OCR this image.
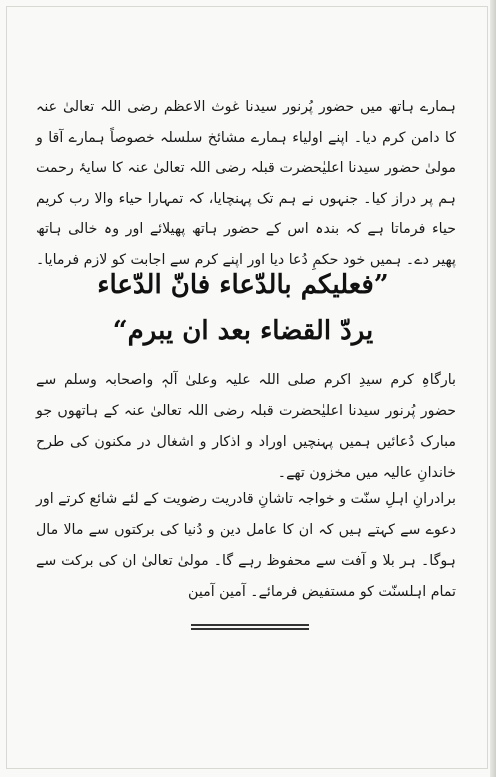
ہمارے ہاتھ میں حضور پُرنور سیدنا غوث الاعظم رضی اللہ تعالیٰ عنہ کا دامن کرم دیا۔ اپنے اولیاء ہمارے مشائخ سلسلہ خصوصاً ہمارے آقا و مولیٰ حضور سیدنا اعلیٰحضرت قبلہ رضی اللہ تعالیٰ عنہ کا سایۂ رحمت ہم پر دراز کیا۔ جنہوں نے ہم تک پہنچایا، کہ تمہارا حیاء والا رب کریم حیاء فرماتا ہے کہ بندہ اس کے حضور ہاتھ پھیلائے اور وہ خالی ہاتھ پھیر دے۔ ہمیں خود حکمِ دُعا دیا اور اپنے کرم سے اجابت کو لازم فرمایا۔
”فعلیکم بالدّعاء فانّ الدّعاء
یردّ القضاء بعد ان یبرم“
بارگاہِ کرم سیدِ اکرم صلی اللہ علیہ وعلیٰ آلہٖ واصحابہ وسلم سے حضور پُرنور سیدنا اعلیٰحضرت قبلہ رضی اللہ تعالیٰ عنہ کے ہاتھوں جو مبارک دُعائیں ہمیں پہنچیں اوراد و اذکار و اشغال در مکنون کی طرح خاندانِ عالیہ میں مخزون تھے۔
برادرانِ اہلِ سنّت و خواجہ تاشانِ قادریت رضویت کے لئے شائع کرتے اور دعوے سے کہتے ہیں کہ ان کا عامل دین و دُنیا کی برکتوں سے مالا مال ہوگا۔ ہر بلا و آفت سے محفوظ رہے گا۔ مولیٰ تعالیٰ ان کی برکت سے تمام اہلسنّت کو مستفیض فرمائے۔ آمین آمین
